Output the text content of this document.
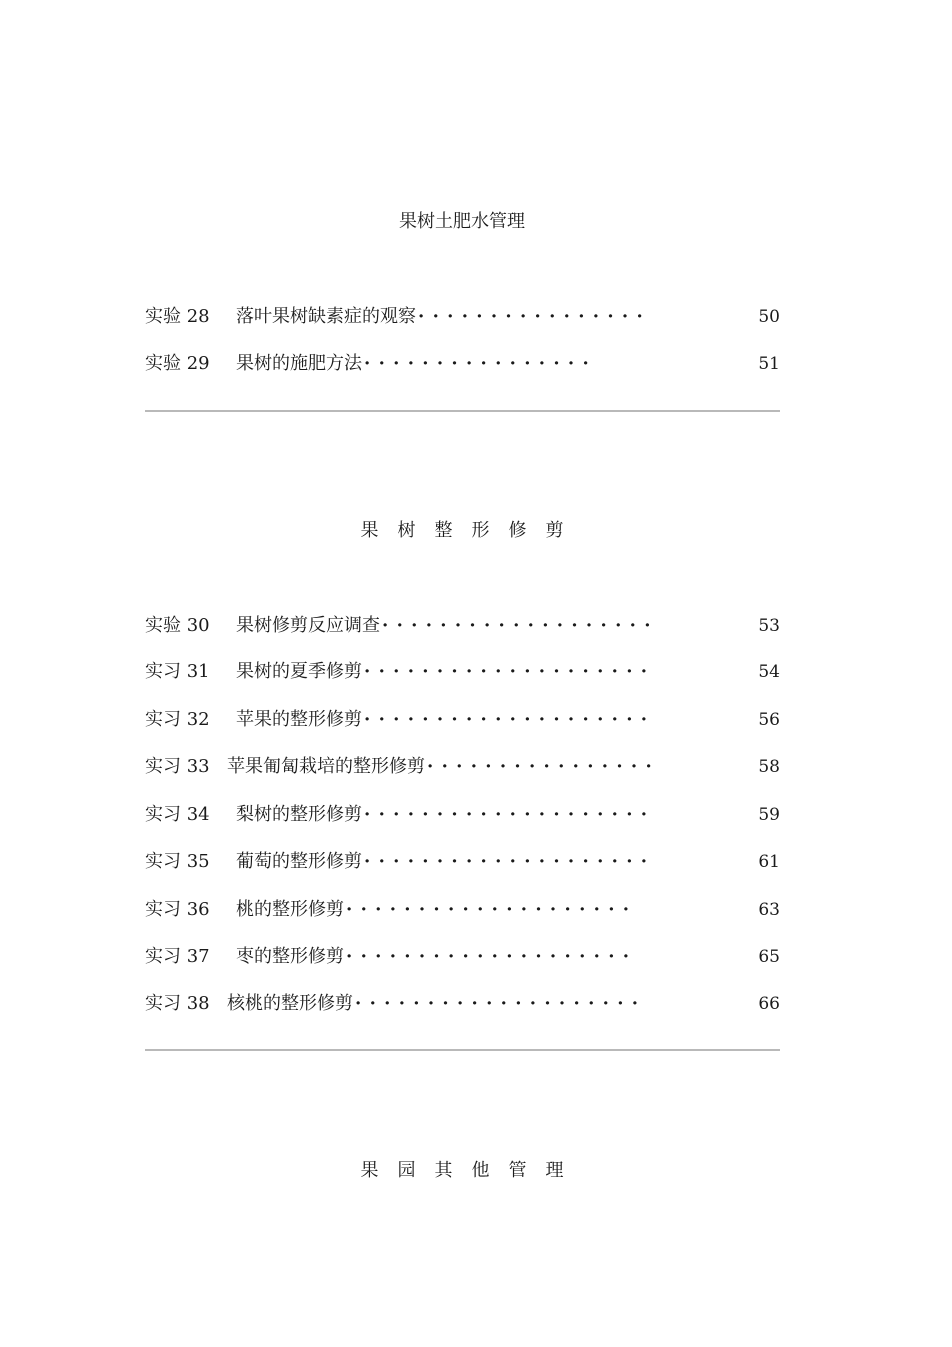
果树土肥水管理
实验 28 落叶果树缺素症的观察 ················	50
实验 29 果树的施肥方法 ················	51
果树整形修剪
实验 30 果树修剪反应调查 ···················	53
实习 31 果树的夏季修剪 ····················	54
实习 32 苹果的整形修剪 ····················	56
实习 33 苹果匍匐栽培的整形修剪 ················	58
实习 34 梨树的整形修剪 ····················	59
实习 35 葡萄的整形修剪 ····················	61
实习 36 桃的整形修剪 ····················	63
实习 37 枣的整形修剪 ····················	65
实习 38 核桃的整形修剪 ····················	66
果园其他管理
